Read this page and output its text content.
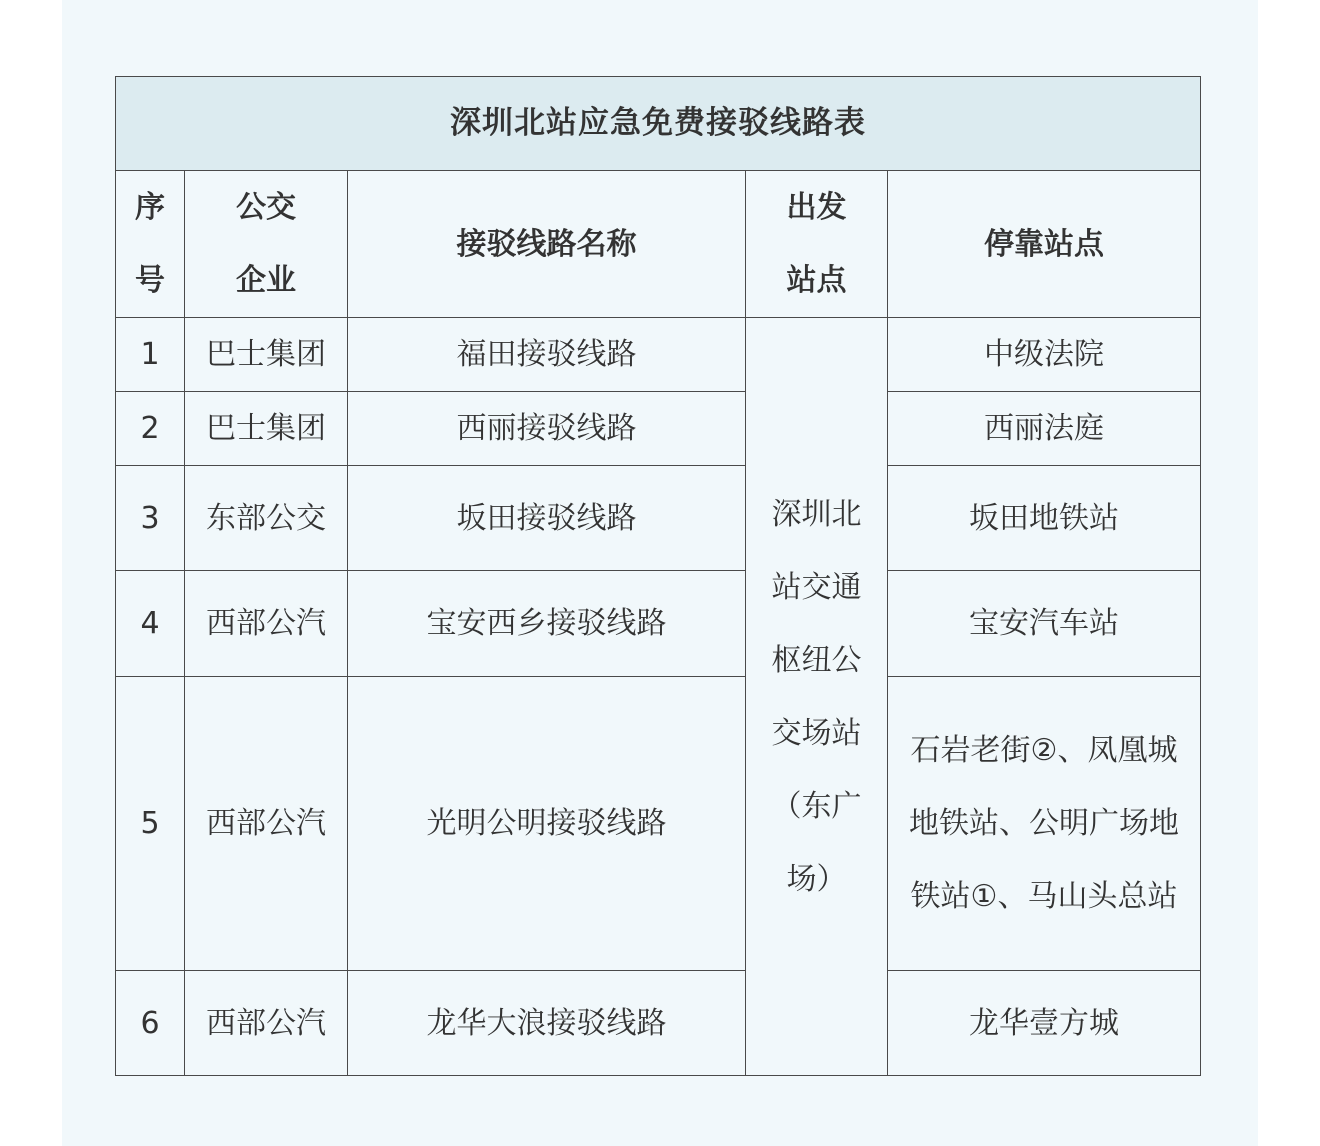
深圳北站应急免费接驳线路表				
序号	公交企业	接驳线路名称	出发站点	停靠站点
1	巴士集团	福田接驳线路	深圳北站交通枢纽公交场站（东广场）	中级法院
2	巴士集团	西丽接驳线路		西丽法庭
3	东部公交	坂田接驳线路		坂田地铁站
4	西部公汽	宝安西乡接驳线路		宝安汽车站
5	西部公汽	光明公明接驳线路		石岩老街②、凤凰城地铁站、公明广场地铁站①、马山头总站
6	西部公汽	龙华大浪接驳线路		龙华壹方城
